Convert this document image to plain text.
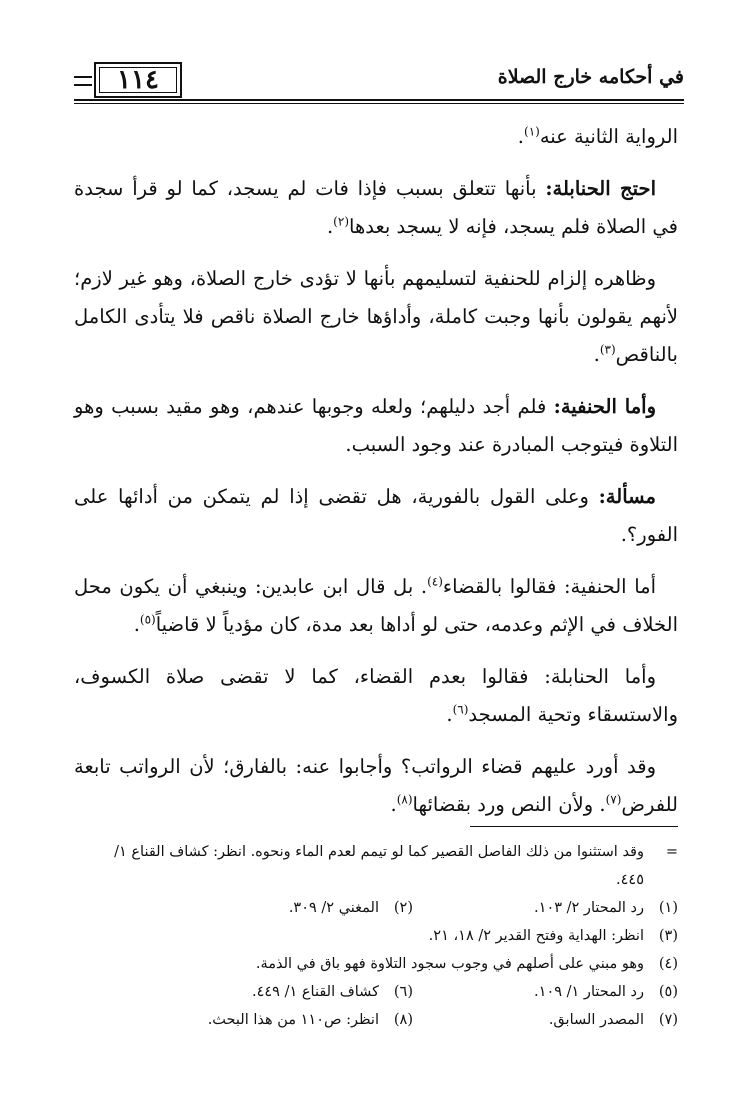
في أحكامه خارج الصلاة
١١٤

الرواية الثانية عنه$^{(١)}$.

احتج الحنابلة: بأنها تتعلق بسبب فإذا فات لم يسجد، كما لو قرأ سجدة في الصلاة فلم يسجد، فإنه لا يسجد بعدها$^{(٢)}$.

وظاهره إلزام للحنفية لتسليمهم بأنها لا تؤدى خارج الصلاة، وهو غير لازم؛ لأنهم يقولون بأنها وجبت كاملة، وأداؤها خارج الصلاة ناقص فلا يتأدى الكامل بالناقص$^{(٣)}$.

وأما الحنفية: فلم أجد دليلهم؛ ولعله وجوبها عندهم، وهو مقيد بسبب وهو التلاوة فيتوجب المبادرة عند وجود السبب.

مسألة: وعلى القول بالفورية، هل تقضى إذا لم يتمكن من أدائها على الفور؟.

أما الحنفية: فقالوا بالقضاء$^{(٤)}$. بل قال ابن عابدين: وينبغي أن يكون محل الخلاف في الإثم وعدمه، حتى لو أداها بعد مدة، كان مؤدياً لا قاضياً$^{(٥)}$.

وأما الحنابلة: فقالوا بعدم القضاء، كما لا تقضى صلاة الكسوف، والاستسقاء وتحية المسجد$^{(٦)}$.

وقد أورد عليهم قضاء الرواتب؟ وأجابوا عنه: بالفارق؛ لأن الرواتب تابعة للفرض$^{(٧)}$. ولأن النص ورد بقضائها$^{(٨)}$.

=
وقد استثنوا من ذلك الفاصل القصير كما لو تيمم لعدم الماء ونحوه. انظر: كشاف القناع ١/ ٤٤٥.
(١)
رد المحتار ٢/ ١٠٣.
(٢)
المغني ٢/ ٣٠٩.
(٣)
انظر: الهداية وفتح القدير ٢/ ١٨، ٢١.
(٤)
وهو مبني على أصلهم في وجوب سجود التلاوة فهو باق في الذمة.
(٥)
رد المحتار ١/ ١٠٩.
(٦)
كشاف القناع ١/ ٤٤٩.
(٧)
المصدر السابق.
(٨)
انظر: ص١١٠ من هذا البحث.
